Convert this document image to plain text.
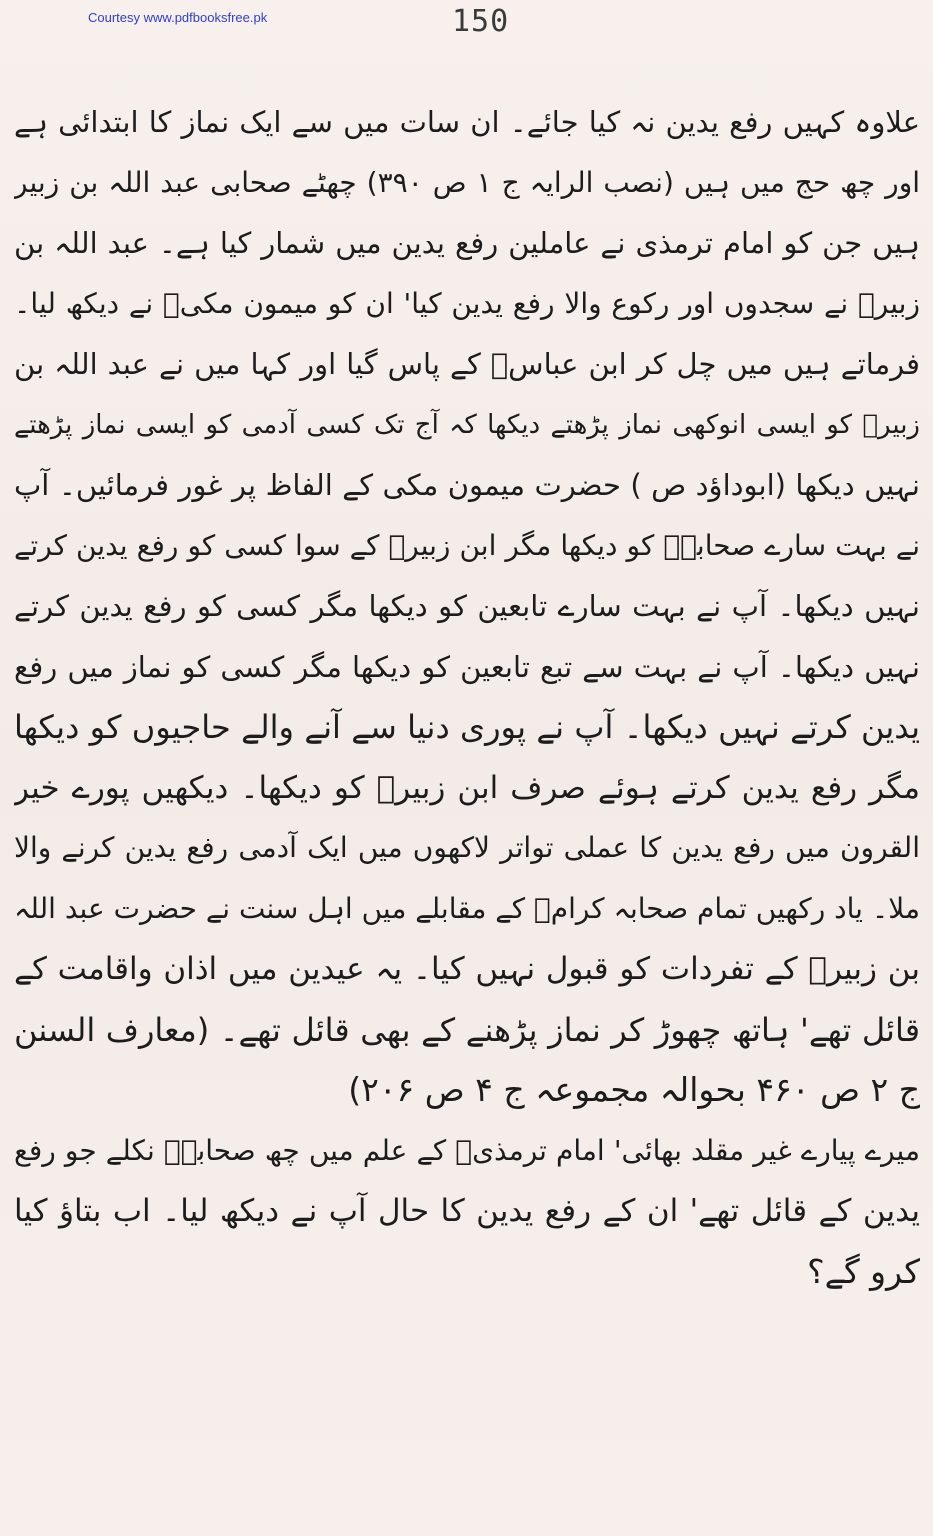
Courtesy www.pdfbooksfree.pk	150
علاوہ کہیں رفع یدین نہ کیا جائے۔ ان سات میں سے ایک نماز کا ابتدائی ہے
اور چھ حج میں ہیں (نصب الرایہ ج ۱ ص ۳۹۰) چھٹے صحابی عبد اللہ بن زبیر
ہیں جن کو امام ترمذی نے عاملین رفع یدین میں شمار کیا ہے۔ عبد اللہ بن
زبیرؓ نے سجدوں اور رکوع والا رفع یدین کیا' ان کو میمون مکیؒ نے دیکھ لیا۔
فرماتے ہیں میں چل کر ابن عباسؓ کے پاس گیا اور کہا میں نے عبد اللہ بن
زبیرؓ کو ایسی انوکھی نماز پڑھتے دیکھا کہ آج تک کسی آدمی کو ایسی نماز پڑھتے
نہیں دیکھا (ابوداؤد ص ) حضرت میمون مکی کے الفاظ پر غور فرمائیں۔ آپ
نے بہت سارے صحابہؓ کو دیکھا مگر ابن زبیرؓ کے سوا کسی کو رفع یدین کرتے
نہیں دیکھا۔ آپ نے بہت سارے تابعین کو دیکھا مگر کسی کو رفع یدین کرتے
نہیں دیکھا۔ آپ نے بہت سے تبع تابعین کو دیکھا مگر کسی کو نماز میں رفع
یدین کرتے نہیں دیکھا۔ آپ نے پوری دنیا سے آنے والے حاجیوں کو دیکھا
مگر رفع یدین کرتے ہوئے صرف ابن زبیرؓ کو دیکھا۔ دیکھیں پورے خیر
القرون میں رفع یدین کا عملی تواتر لاکھوں میں ایک آدمی رفع یدین کرنے والا
ملا۔ یاد رکھیں تمام صحابہ کرامؓ کے مقابلے میں اہل سنت نے حضرت عبد اللہ
بن زبیرؓ کے تفردات کو قبول نہیں کیا۔ یہ عیدین میں اذان واقامت کے
قائل تھے' ہاتھ چھوڑ کر نماز پڑھنے کے بھی قائل تھے۔ (معارف السنن
ج ۲ ص ۴۶۰ بحوالہ مجموعہ ج ۴ ص ۲۰۶)
میرے پیارے غیر مقلد بھائی' امام ترمذیؒ کے علم میں چھ صحابہؓ نکلے جو رفع
یدین کے قائل تھے' ان کے رفع یدین کا حال آپ نے دیکھ لیا۔ اب بتاؤ کیا
کرو گے؟
